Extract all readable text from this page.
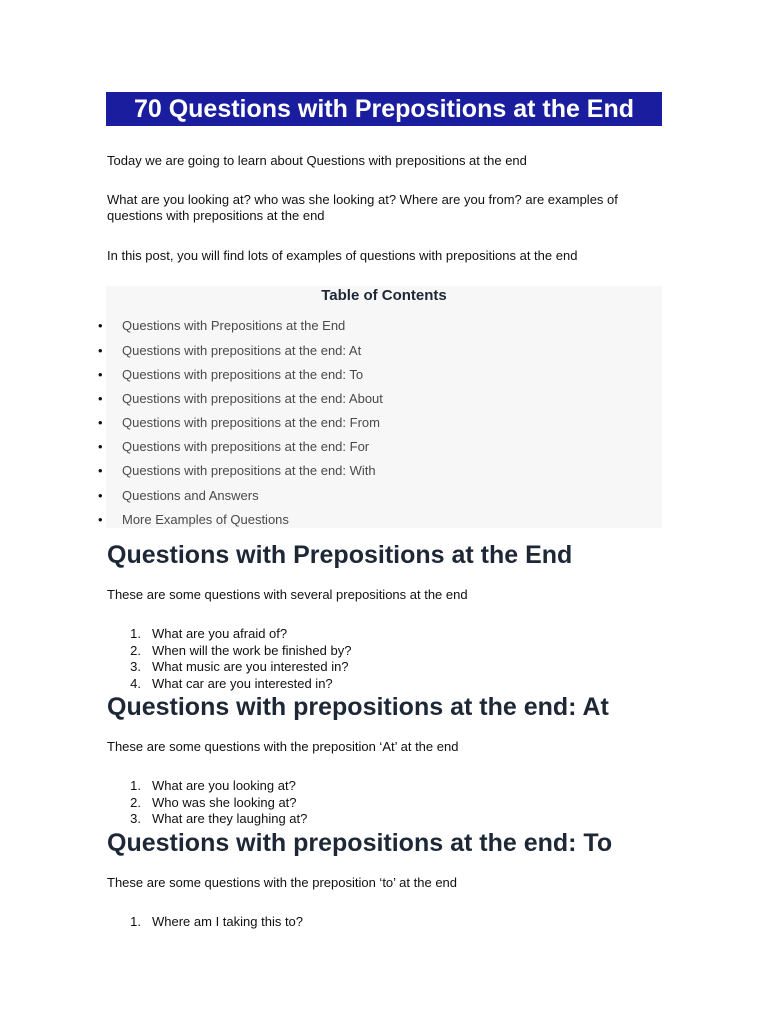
70 Questions with Prepositions at the End
Today we are going to learn about Questions with prepositions at the end
What are you looking at? who was she looking at? Where are you from? are examples of questions with prepositions at the end
In this post, you will find lots of examples of questions with prepositions at the end
Table of Contents
•	Questions with Prepositions at the End
•	Questions with prepositions at the end: At
•	Questions with prepositions at the end: To
•	Questions with prepositions at the end: About
•	Questions with prepositions at the end: From
•	Questions with prepositions at the end: For
•	Questions with prepositions at the end: With
•	Questions and Answers
•	More Examples of Questions
Questions with Prepositions at the End
These are some questions with several prepositions at the end
1. What are you afraid of?
2. When will the work be finished by?
3. What music are you interested in?
4. What car are you interested in?
Questions with prepositions at the end: At
These are some questions with the preposition ‘At’ at the end
1. What are you looking at?
2. Who was she looking at?
3. What are they laughing at?
Questions with prepositions at the end: To
These are some questions with the preposition ‘to’ at the end
1. Where am I taking this to?
